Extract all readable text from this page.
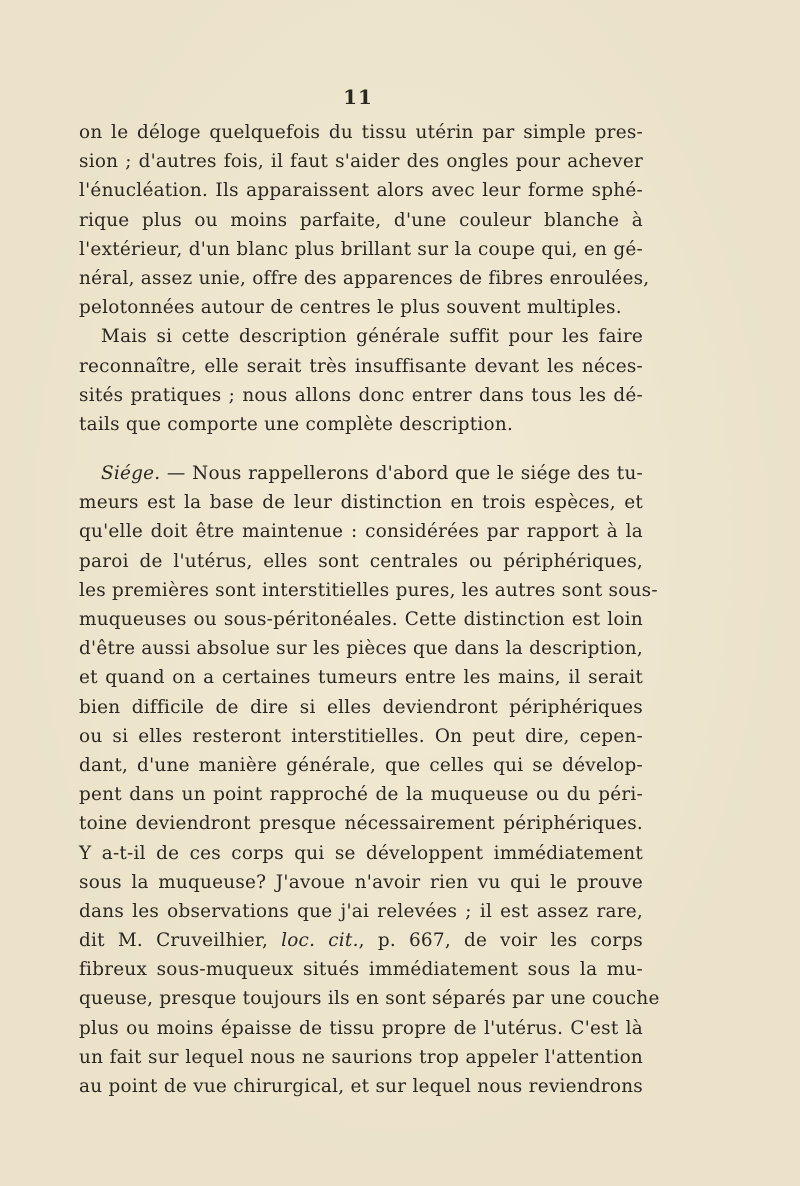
11
on le déloge quelquefois du tissu utérin par simple pres-
sion ; d'autres fois, il faut s'aider des ongles pour achever
l'énucléation. Ils apparaissent alors avec leur forme sphé-
rique plus ou moins parfaite, d'une couleur blanche à
l'extérieur, d'un blanc plus brillant sur la coupe qui, en gé-
néral, assez unie, offre des apparences de fibres enroulées,
pelotonnées autour de centres le plus souvent multiples.
Mais si cette description générale suffit pour les faire
reconnaître, elle serait très insuffisante devant les néces-
sités pratiques ; nous allons donc entrer dans tous les dé-
tails que comporte une complète description.
Siége. — Nous rappellerons d'abord que le siége des tu-
meurs est la base de leur distinction en trois espèces, et
qu'elle doit être maintenue : considérées par rapport à la
paroi de l'utérus, elles sont centrales ou périphériques,
les premières sont interstitielles pures, les autres sont sous-
muqueuses ou sous-péritonéales. Cette distinction est loin
d'être aussi absolue sur les pièces que dans la description,
et quand on a certaines tumeurs entre les mains, il serait
bien difficile de dire si elles deviendront périphériques
ou si elles resteront interstitielles. On peut dire, cepen-
dant, d'une manière générale, que celles qui se dévelop-
pent dans un point rapproché de la muqueuse ou du péri-
toine deviendront presque nécessairement périphériques.
Y a-t-il de ces corps qui se développent immédiatement
sous la muqueuse? J'avoue n'avoir rien vu qui le prouve
dans les observations que j'ai relevées ; il est assez rare,
dit M. Cruveilhier, loc. cit., p. 667, de voir les corps
fibreux sous-muqueux situés immédiatement sous la mu-
queuse, presque toujours ils en sont séparés par une couche
plus ou moins épaisse de tissu propre de l'utérus. C'est là
un fait sur lequel nous ne saurions trop appeler l'attention
au point de vue chirurgical, et sur lequel nous reviendrons
